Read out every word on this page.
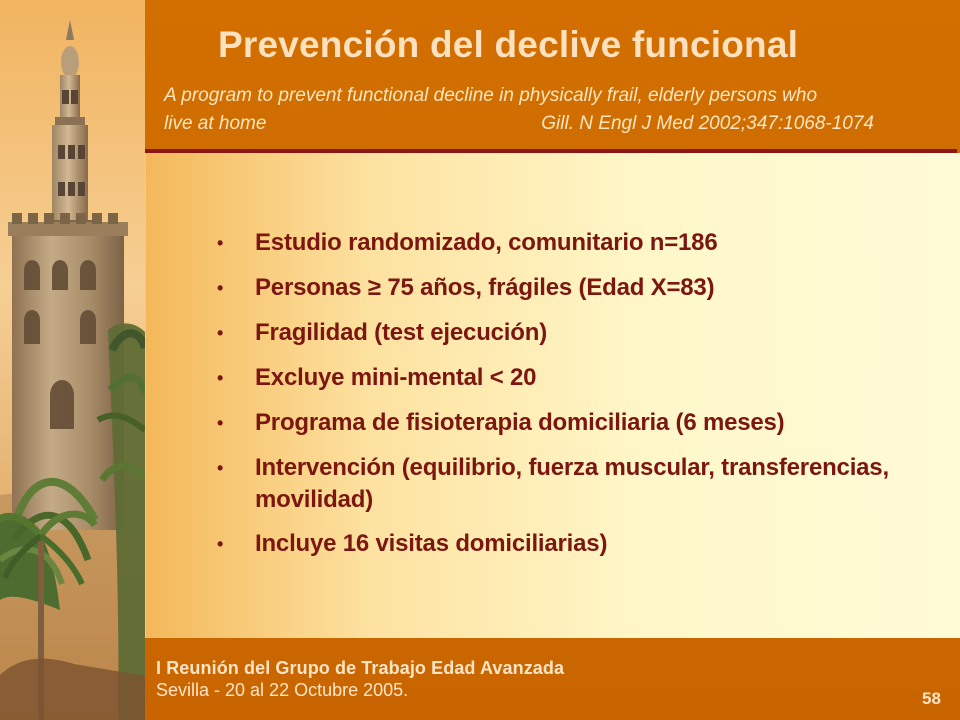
Prevención del declive funcional
A program to prevent functional decline in physically frail, elderly persons who
live at home	Gill. N Engl J Med 2002;347:1068-1074
•	Estudio randomizado, comunitario n=186
•	Personas ≥ 75 años, frágiles (Edad X=83)
•	Fragilidad (test ejecución)
•	Excluye mini-mental < 20
•	Programa de fisioterapia domiciliaria (6 meses)
•	Intervención (equilibrio, fuerza muscular, transferencias, movilidad)
•	Incluye 16 visitas domiciliarias)
I Reunión del Grupo de Trabajo Edad Avanzada
Sevilla - 20 al 22 Octubre 2005.	58
